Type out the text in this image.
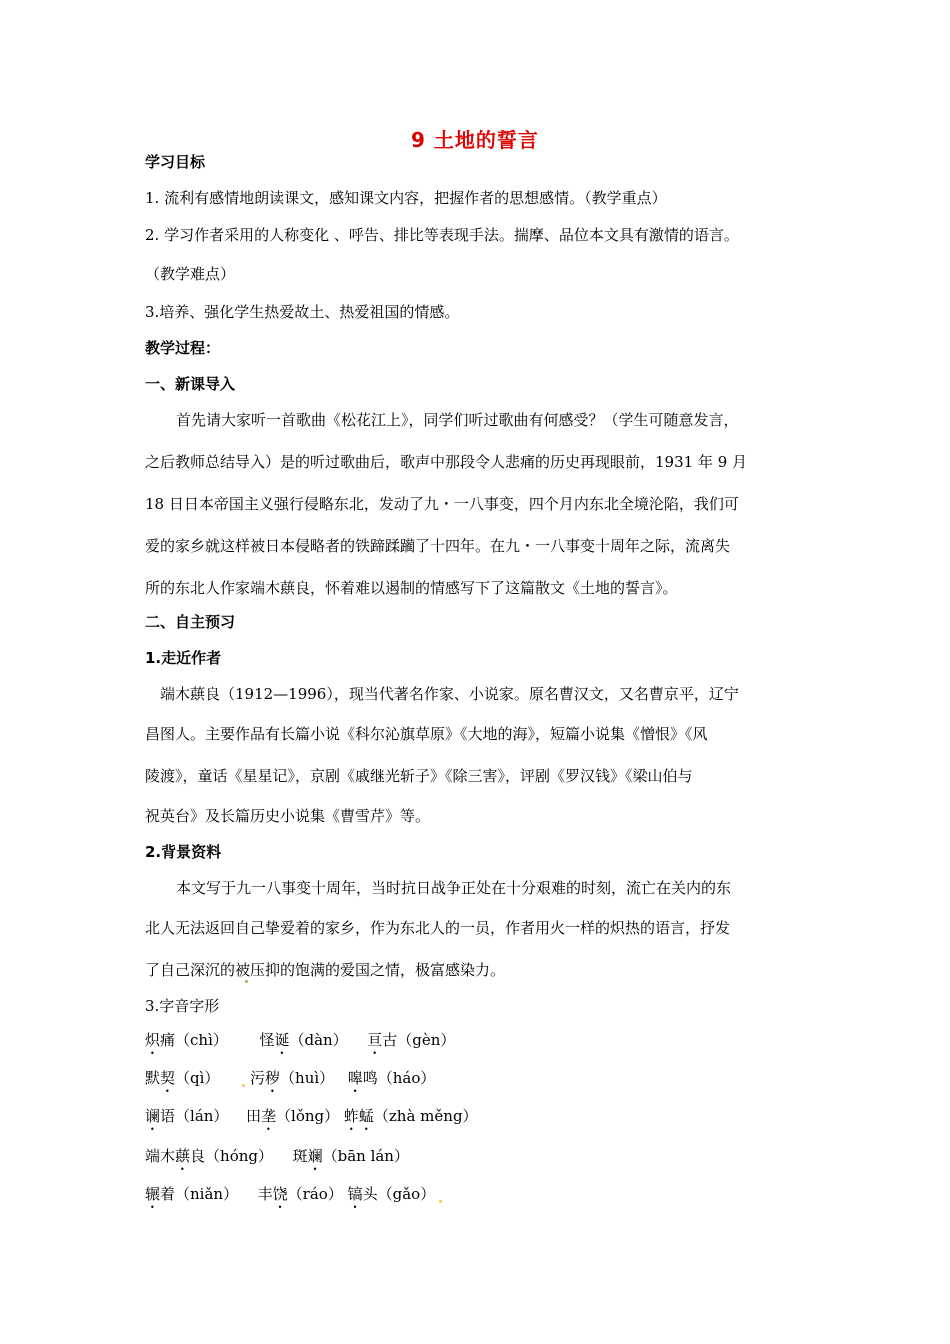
9 土地的誓言
学习目标
1. 流利有感情地朗读课文，感知课文内容，把握作者的思想感情。（教学重点）
2. 学习作者采用的人称变化 、呼告、排比等表现手法。揣摩、品位本文具有激情的语言。
（教学难点）
3.培养、强化学生热爱故土、热爱祖国的情感。
教学过程：
一、新课导入
首先请大家听一首歌曲《松花江上》，同学们听过歌曲有何感受？（学生可随意发言，
之后教师总结导入）是的听过歌曲后，歌声中那段令人悲痛的历史再现眼前，1931 年 9 月
18 日日本帝国主义强行侵略东北，发动了九・一八事变，四个月内东北全境沦陷，我们可
爱的家乡就这样被日本侵略者的铁蹄蹂躏了十四年。在九・一八事变十周年之际，流离失
所的东北人作家端木蕻良，怀着难以遏制的情感写下了这篇散文《土地的誓言》。
二、自主预习
1.走近作者
端木蕻良（1912—1996），现当代著名作家、小说家。原名曹汉文，又名曹京平，辽宁
昌图人。主要作品有长篇小说《科尔沁旗草原》《大地的海》，短篇小说集《憎恨》《风
陵渡》，童话《星星记》，京剧《戚继光斩子》《除三害》，评剧《罗汉钱》《梁山伯与
祝英台》及长篇历史小说集《曹雪芹》等。
2.背景资料
本文写于九一八事变十周年，当时抗日战争正处在十分艰难的时刻，流亡在关内的东
北人无法返回自己挚爱着的家乡，作为东北人的一员，作者用火一样的炽热的语言，抒发
了自己深沉的被压抑的饱满的爱国之情，极富感染力。
3.字音字形
炽痛（chì） 怪诞（dàn） 亘古（gèn）
默契（qì） 污秽（huì） 嗥鸣（háo）
谰语（lán） 田垄（lǒng） 蚱蜢（zhà měng）
端木蕻良（hóng） 斑斓（bān lán）
辗着（niǎn） 丰饶（ráo） 镐头（gǎo）
